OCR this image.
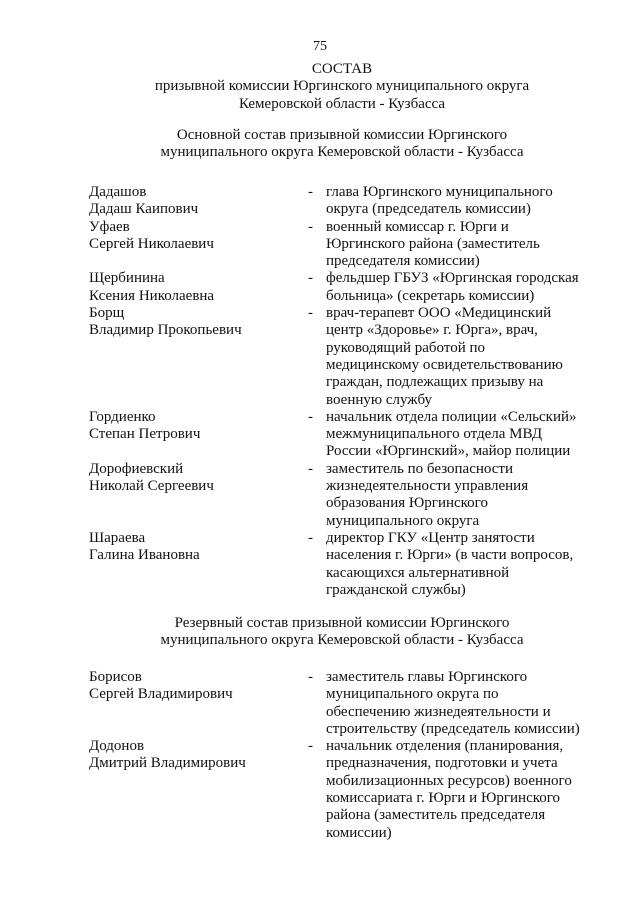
75
СОСТАВ
призывной комиссии Юргинского муниципального округа
Кемеровской области - Кузбасса
Основной состав призывной комиссии Юргинского
муниципального округа Кемеровской области - Кузбасса
Дадашов
Дадаш Каипович
- глава Юргинского муниципального
округа (председатель комиссии)
Уфаев
Сергей Николаевич
- военный комиссар г. Юрги и
Юргинского района (заместитель
председателя комиссии)
Щербинина
Ксения Николаевна
- фельдшер ГБУЗ «Юргинская городская
больница» (секретарь комиссии)
Борщ
Владимир Прокопьевич
- врач-терапевт ООО «Медицинский
центр «Здоровье» г. Юрга», врач,
руководящий работой по
медицинскому освидетельствованию
граждан, подлежащих призыву на
военную службу
Гордиенко
Степан Петрович
- начальник отдела полиции «Сельский»
межмуниципального отдела МВД
России «Юргинский», майор полиции
Дорофиевский
Николай Сергеевич
- заместитель по безопасности
жизнедеятельности управления
образования Юргинского
муниципального округа
Шараева
Галина Ивановна
- директор ГКУ «Центр занятости
населения г. Юрги» (в части вопросов,
касающихся альтернативной
гражданской службы)
Резервный состав призывной комиссии Юргинского
муниципального округа Кемеровской области - Кузбасса
Борисов
Сергей Владимирович
- заместитель главы Юргинского
муниципального округа по
обеспечению жизнедеятельности и
строительству (председатель комиссии)
Додонов
Дмитрий Владимирович
- начальник отделения (планирования,
предназначения, подготовки и учета
мобилизационных ресурсов) военного
комиссариата г. Юрги и Юргинского
района (заместитель председателя
комиссии)
